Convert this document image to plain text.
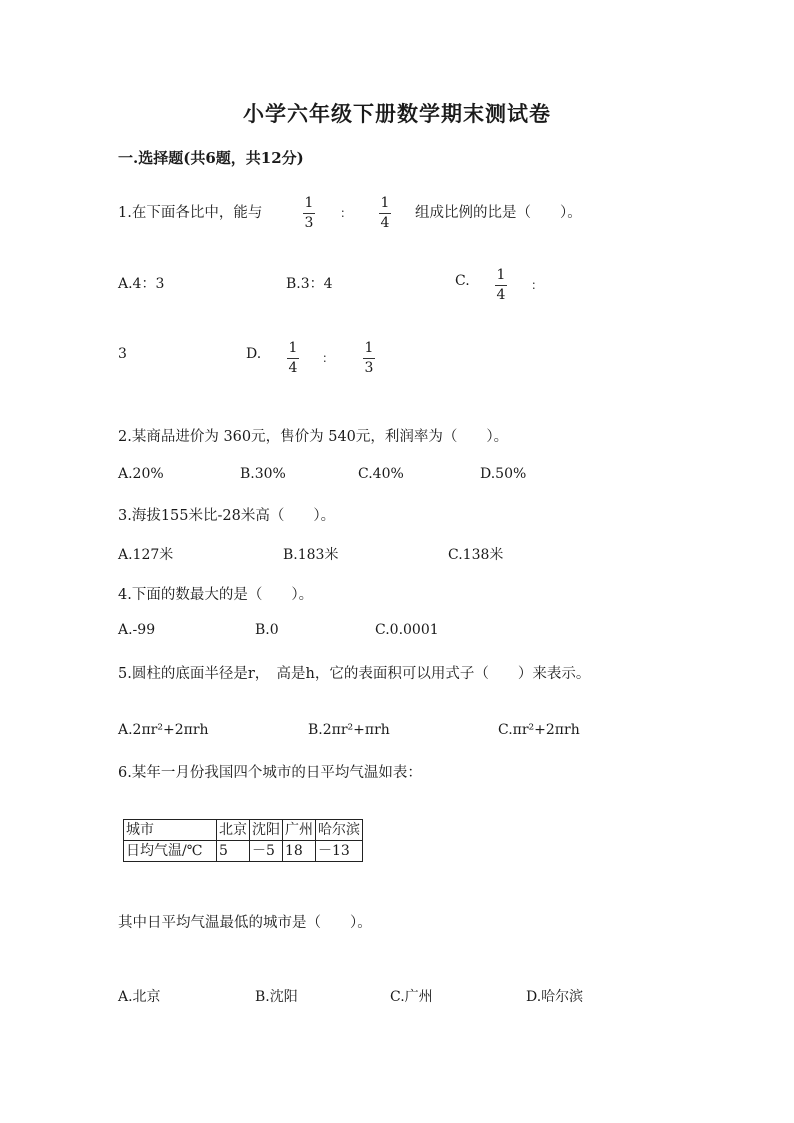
小学六年级下册数学期末测试卷
一.选择题(共6题，共12分)
1.在下面各比中，能与
1
3
：
1
4
组成比例的比是（　　）。
A.4：3	B.3：4	C. 1
4
：
3	D. 1
4
：
1
3
2.某商品进价为 360元，售价为 540元，利润率为（　　）。
A.20%	B.30%	C.40%	D.50%
3.海拔155米比-28米高（　　）。
A.127米	B.183米	C.138米
4.下面的数最大的是（　　）。
A.-99	B.0	C.0.0001
5.圆柱的底面半径是r，　高是h，它的表面积可以用式子（　　）来表示。
A.2πr²+2πrh	B.2πr²+πrh	C.πr²+2πrh
6.某年一月份我国四个城市的日平均气温如表：
城市	北京	沈阳	广州	哈尔滨
日均气温/℃	5	－5	18	－13
其中日平均气温最低的城市是（　　）。
A.北京	B.沈阳	C.广州	D.哈尔滨
